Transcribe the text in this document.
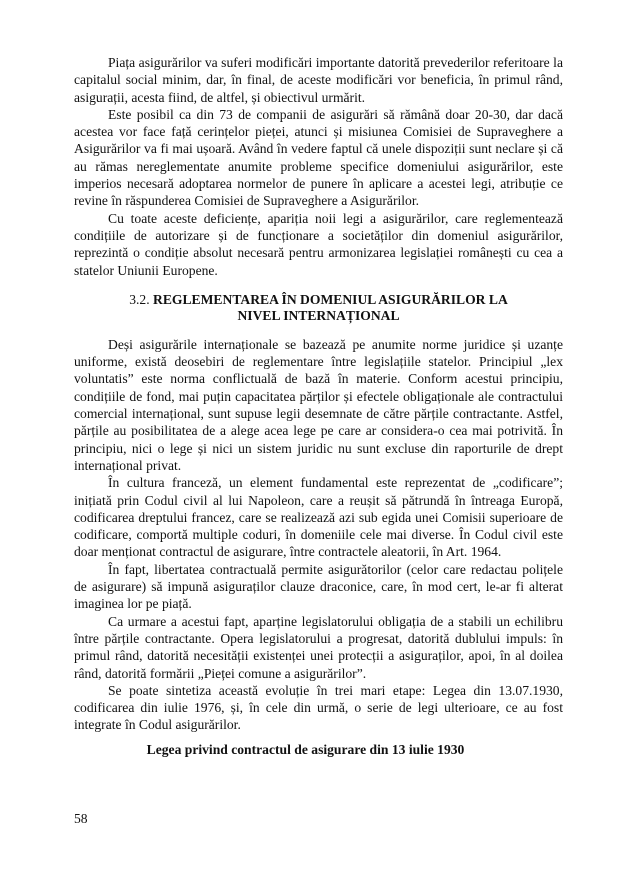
Piața asigurărilor va suferi modificări importante datorită prevederilor referitoare la capitalul social minim, dar, în final, de aceste modificări vor beneficia, în primul rând, asigurații, acesta fiind, de altfel, și obiectivul urmărit.

Este posibil ca din 73 de companii de asigurări să rămână doar 20-30, dar dacă acestea vor face față cerințelor pieței, atunci și misiunea Comisiei de Supraveghere a Asigurărilor va fi mai ușoară. Având în vedere faptul că unele dispoziții sunt neclare și că au rămas nereglementate anumite probleme specifice domeniului asigurărilor, este imperios necesară adoptarea normelor de punere în aplicare a acestei legi, atribuție ce revine în răspunderea Comisiei de Supraveghere a Asigurărilor.

Cu toate aceste deficiențe, apariția noii legi a asigurărilor, care reglementează condițiile de autorizare și de funcționare a societăților din domeniul asigurărilor, reprezintă o condiție absolut necesară pentru armonizarea legislației românești cu cea a statelor Uniunii Europene.

3.2. REGLEMENTAREA ÎN DOMENIUL ASIGURĂRILOR LA NIVEL INTERNAȚIONAL

Deși asigurările internaționale se bazează pe anumite norme juridice și uzanțe uniforme, există deosebiri de reglementare între legislațiile statelor. Principiul „lex voluntatis” este norma conflictuală de bază în materie. Conform acestui principiu, condițiile de fond, mai puțin capacitatea părților și efectele obligaționale ale contractului comercial internațional, sunt supuse legii desemnate de către părțile contractante. Astfel, părțile au posibilitatea de a alege acea lege pe care ar considera-o cea mai potrivită. În principiu, nici o lege și nici un sistem juridic nu sunt excluse din raporturile de drept internațional privat.

În cultura franceză, un element fundamental este reprezentat de „codificare”; inițiată prin Codul civil al lui Napoleon, care a reușit să pătrundă în întreaga Europă, codificarea dreptului francez, care se realizează azi sub egida unei Comisii superioare de codificare, comportă multiple coduri, în domeniile cele mai diverse. În Codul civil este doar menționat contractul de asigurare, între contractele aleatorii, în Art. 1964.

În fapt, libertatea contractuală permite asigurătorilor (celor care redactau polițele de asigurare) să impună asiguraților clauze draconice, care, în mod cert, le-ar fi alterat imaginea lor pe piață.

Ca urmare a acestui fapt, aparține legislatorului obligația de a stabili un echilibru între părțile contractante. Opera legislatorului a progresat, datorită dublului impuls: în primul rând, datorită necesității existenței unei protecții a asiguraților, apoi, în al doilea rând, datorită formării „Pieței comune a asigurărilor”.

Se poate sintetiza această evoluție în trei mari etape: Legea din 13.07.1930, codificarea din iulie 1976, și, în cele din urmă, o serie de legi ulterioare, ce au fost integrate în Codul asigurărilor.

Legea privind contractul de asigurare din 13 iulie 1930
58
